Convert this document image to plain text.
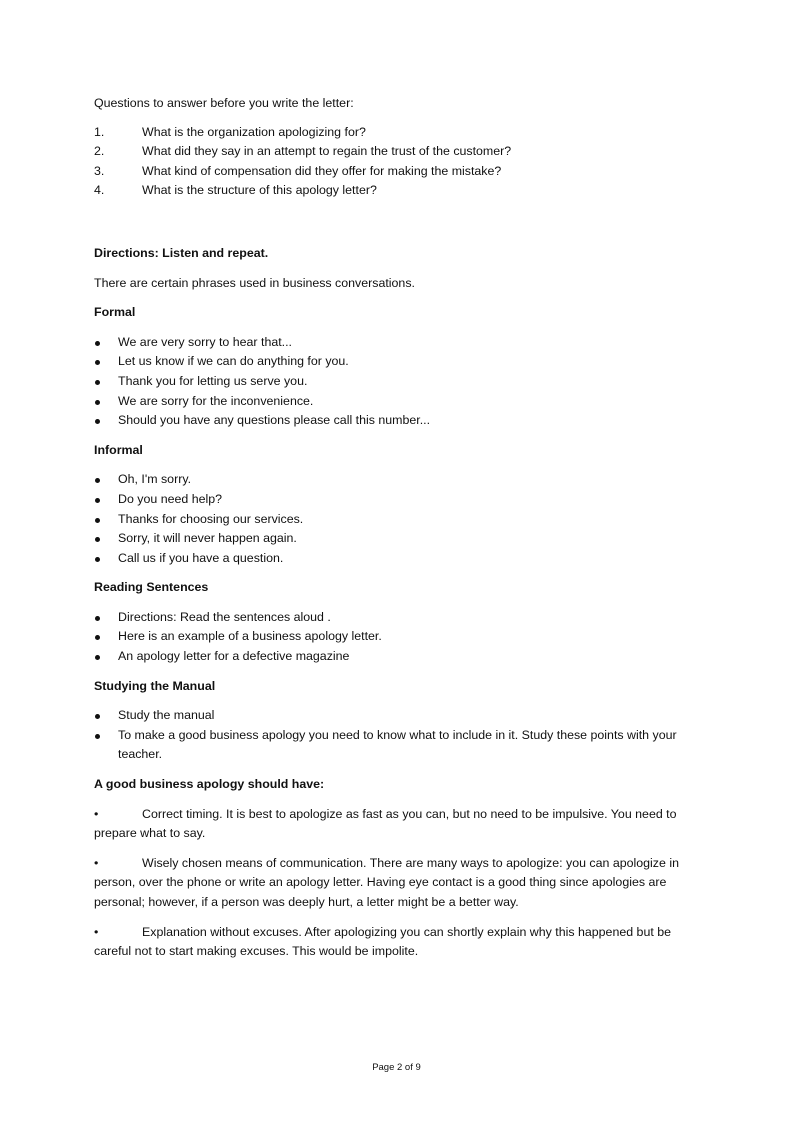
Questions to answer before you write the letter:

1.	What is the organization apologizing for?
2.	What did they say in an attempt to regain the trust of the customer?
3.	What kind of compensation did they offer for making the mistake?
4.	What is the structure of this apology letter?

Directions: Listen and repeat.

There are certain phrases used in business conversations.

Formal

We are very sorry to hear that...
Let us know if we can do anything for you.
Thank you for letting us serve you.
We are sorry for the inconvenience.
Should you have any questions please call this number...

Informal

Oh, I'm sorry.
Do you need help?
Thanks for choosing our services.
Sorry, it will never happen again.
Call us if you have a question.

Reading Sentences

Directions: Read the sentences aloud .
Here is an example of a business apology letter.
An apology letter for a defective magazine

Studying the Manual

Study the manual
To make a good business apology you need to know what to include in it. Study these points with your teacher.

A good business apology should have:

•	Correct timing. It is best to apologize as fast as you can, but no need to be impulsive. You need to prepare what to say.

•	Wisely chosen means of communication. There are many ways to apologize: you can apologize in person, over the phone or write an apology letter. Having eye contact is a good thing since apologies are personal; however, if a person was deeply hurt, a letter might be a better way.

•	Explanation without excuses. After apologizing you can shortly explain why this happened but be careful not to start making excuses. This would be impolite.

Page 2 of 9
